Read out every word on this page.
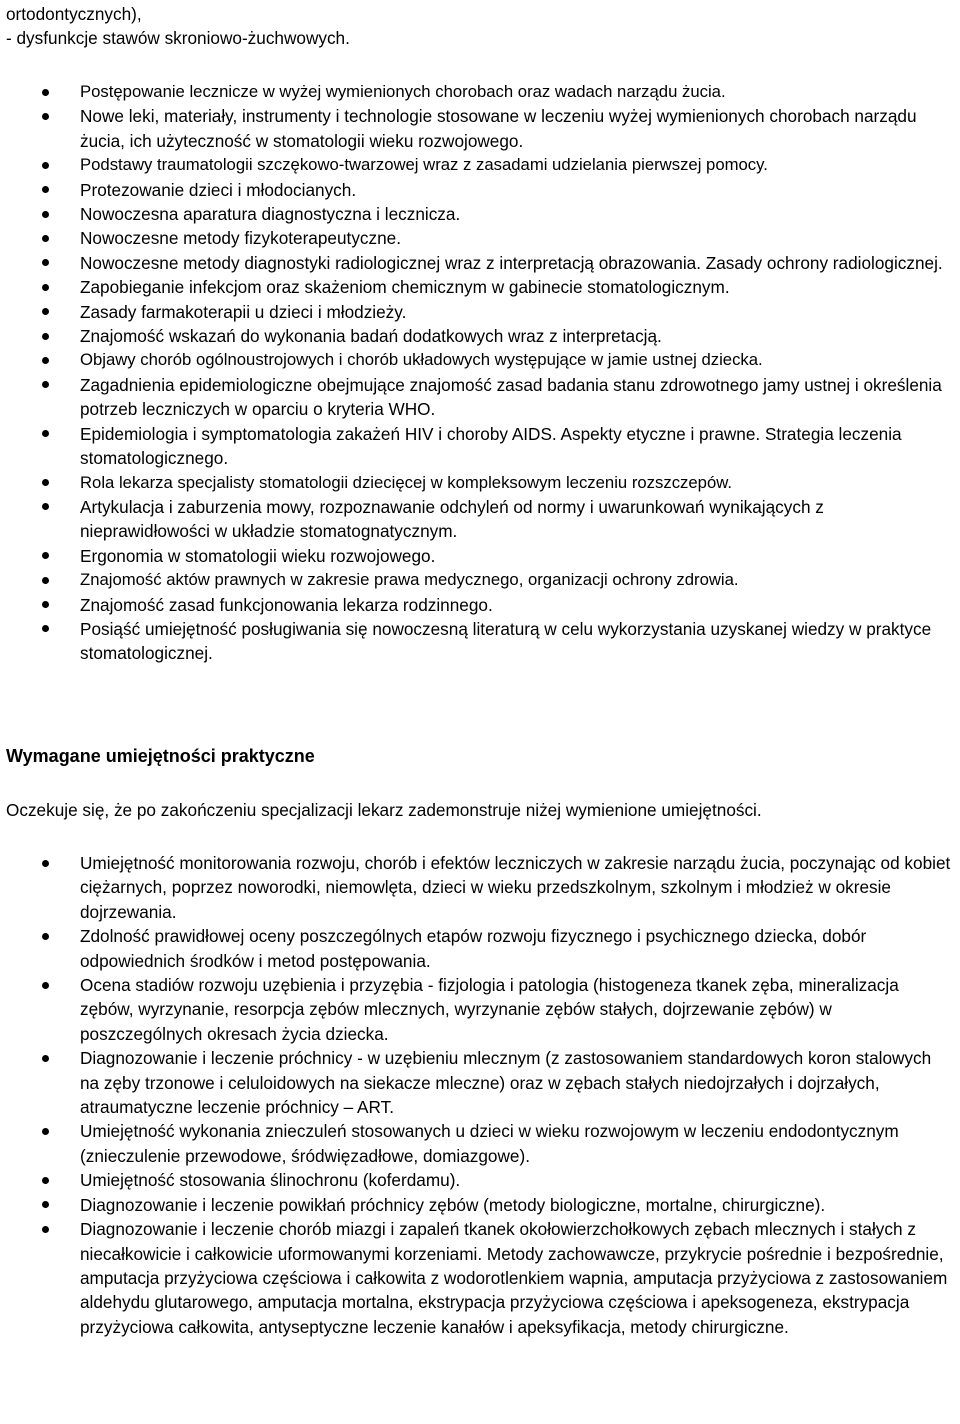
ortodontycznych),
- dysfunkcje stawów skroniowo-żuchwowych.
Postępowanie lecznicze w wyżej wymienionych chorobach oraz wadach narządu żucia.
Nowe leki, materiały, instrumenty i technologie stosowane w leczeniu wyżej wymienionych chorobach narządu żucia, ich użyteczność w stomatologii wieku rozwojowego.
Podstawy traumatologii szczękowo-twarzowej wraz z zasadami udzielania pierwszej pomocy.
Protezowanie dzieci i młodocianych.
Nowoczesna aparatura diagnostyczna i lecznicza.
Nowoczesne metody fizykoterapeutyczne.
Nowoczesne metody diagnostyki radiologicznej wraz z interpretacją obrazowania. Zasady ochrony radiologicznej.
Zapobieganie infekcjom oraz skażeniom chemicznym w gabinecie stomatologicznym.
Zasady farmakoterapii u dzieci i młodzieży.
Znajomość wskazań do wykonania badań dodatkowych wraz z interpretacją.
Objawy chorób ogólnoustrojowych i chorób układowych występujące w jamie ustnej dziecka.
Zagadnienia epidemiologiczne obejmujące znajomość zasad badania stanu zdrowotnego jamy ustnej i określenia potrzeb leczniczych w oparciu o kryteria WHO.
Epidemiologia i symptomatologia zakażeń HIV i choroby AIDS. Aspekty etyczne i prawne. Strategia leczenia stomatologicznego.
Rola lekarza specjalisty stomatologii dziecięcej w kompleksowym leczeniu rozszczepów.
Artykulacja i zaburzenia mowy, rozpoznawanie odchyleń od normy i uwarunkowań wynikających z nieprawidłowości w układzie stomatognatycznym.
Ergonomia w stomatologii wieku rozwojowego.
Znajomość aktów prawnych w zakresie prawa medycznego, organizacji ochrony zdrowia.
Znajomość zasad funkcjonowania lekarza rodzinnego.
Posiąść umiejętność posługiwania się nowoczesną literaturą w celu wykorzystania uzyskanej wiedzy w praktyce stomatologicznej.
Wymagane umiejętności praktyczne
Oczekuje się, że po zakończeniu specjalizacji lekarz zademonstruje niżej wymienione umiejętności.
Umiejętność monitorowania rozwoju, chorób i efektów leczniczych w zakresie narządu żucia, poczynając od kobiet ciężarnych, poprzez noworodki, niemowlęta, dzieci w wieku przedszkolnym, szkolnym i młodzież w okresie dojrzewania.
Zdolność prawidłowej oceny poszczególnych etapów rozwoju fizycznego i psychicznego dziecka, dobór odpowiednich środków i metod postępowania.
Ocena stadiów rozwoju uzębienia i przyzębia - fizjologia i patologia (histogeneza tkanek zęba, mineralizacja zębów, wyrzynanie, resorpcja zębów mlecznych, wyrzynanie zębów stałych, dojrzewanie zębów) w poszczególnych okresach życia dziecka.
Diagnozowanie i leczenie próchnicy - w uzębieniu mlecznym (z zastosowaniem standardowych koron stalowych na zęby trzonowe i celuloidowych na siekacze mleczne) oraz w zębach stałych niedojrzałych i dojrzałych, atraumatyczne leczenie próchnicy – ART.
Umiejętność wykonania znieczuleń stosowanych u dzieci w wieku rozwojowym w leczeniu endodontycznym (znieczulenie przewodowe, śródwięzadłowe, domiazgowe).
Umiejętność stosowania ślinochronu (koferdamu).
Diagnozowanie i leczenie powikłań próchnicy zębów (metody biologiczne, mortalne, chirurgiczne).
Diagnozowanie i leczenie chorób miazgi i zapaleń tkanek okołowierzchołkowych zębach mlecznych i stałych z niecałkowicie i całkowicie uformowanymi korzeniami. Metody zachowawcze, przykrycie pośrednie i bezpośrednie, amputacja przyżyciowa częściowa i całkowita z wodorotlenkiem wapnia, amputacja przyżyciowa z zastosowaniem aldehydu glutarowego, amputacja mortalna, ekstrypacja przyżyciowa częściowa i apeksogeneza, ekstrypacja przyżyciowa całkowita, antyseptyczne leczenie kanałów i apeksyfikacja, metody chirurgiczne.
